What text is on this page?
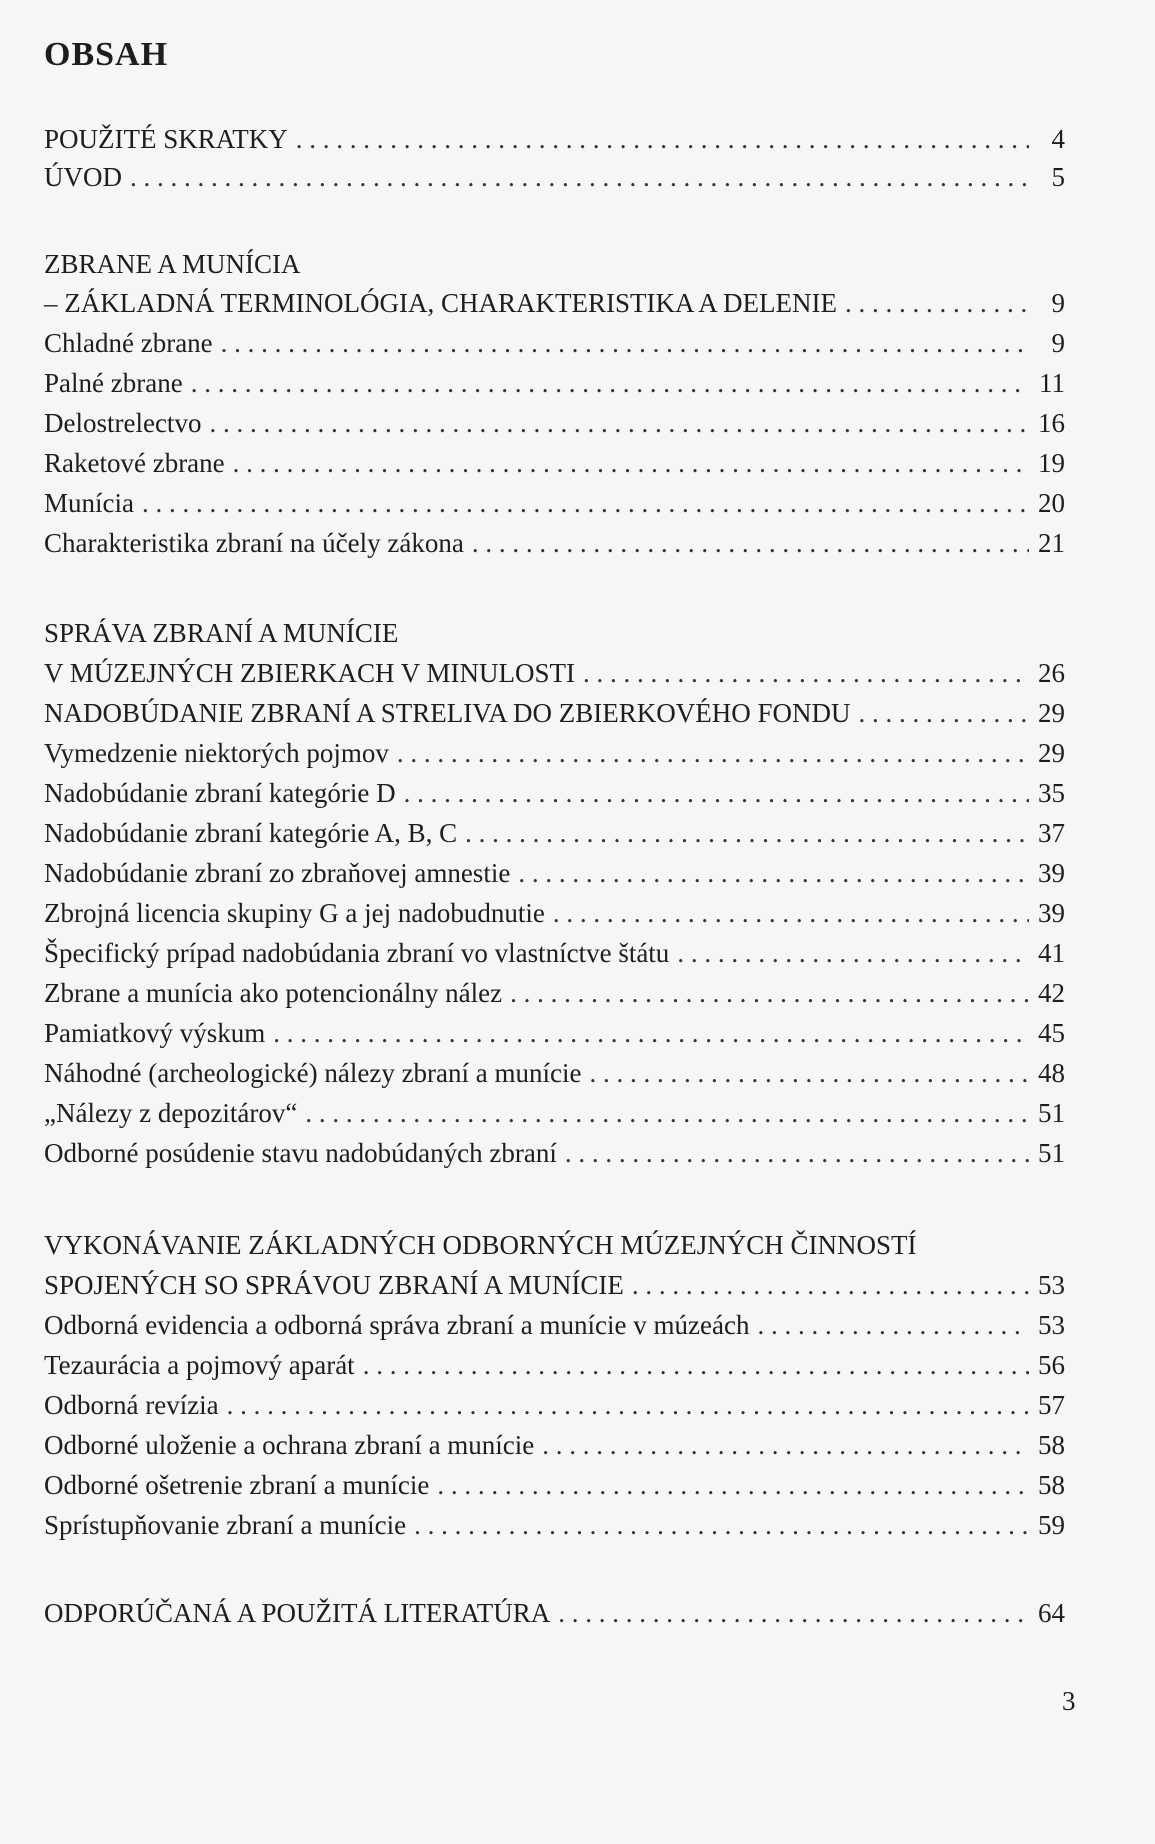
OBSAH
POUŽITÉ SKRATKY . . .	4
ÚVOD . . .	5
ZBRANE A MUNÍCIA
– ZÁKLADNÁ TERMINOLÓGIA, CHARAKTERISTIKA A DELENIE . . .	9
Chladné zbrane . . .	9
Palné zbrane . . .	11
Delostrelectvo . . .	16
Raketové zbrane . . .	19
Munícia . . .	20
Charakteristika zbraní na účely zákona . . .	21
SPRÁVA ZBRANÍ A MUNÍCIE
V MÚZEJNÝCH ZBIERKACH V MINULOSTI . . .	26
NADOBÚDANIE ZBRANÍ A STRELIVA DO ZBIERKOVÉHO FONDU . . .	29
Vymedzenie niektorých pojmov . . .	29
Nadobúdanie zbraní kategórie D . . .	35
Nadobúdanie zbraní kategórie A, B, C . . .	37
Nadobúdanie zbraní zo zbraňovej amnestie . . .	39
Zbrojná licencia skupiny G a jej nadobudnutie . . .	39
Špecifický prípad nadobúdania zbraní vo vlastníctve štátu . . .	41
Zbrane a munícia ako potencionálny nález . . .	42
Pamiatkový výskum . . .	45
Náhodné (archeologické) nálezy zbraní a munície . . .	48
„Nálezy z depozitárov“ . . .	51
Odborné posúdenie stavu nadobúdaných zbraní . . .	51
VYKONÁVANIE ZÁKLADNÝCH ODBORNÝCH MÚZEJNÝCH ČINNOSTÍ
SPOJENÝCH SO SPRÁVOU ZBRANÍ A MUNÍCIE . . .	53
Odborná evidencia a odborná správa zbraní a munície v múzeách . . .	53
Tezaurácia a pojmový aparát . . .	56
Odborná revízia . . .	57
Odborné uloženie a ochrana zbraní a munície . . .	58
Odborné ošetrenie zbraní a munície . . .	58
Sprístupňovanie zbraní a munície . . .	59
ODPORÚČANÁ A POUŽITÁ LITERATÚRA . . .	64
3
